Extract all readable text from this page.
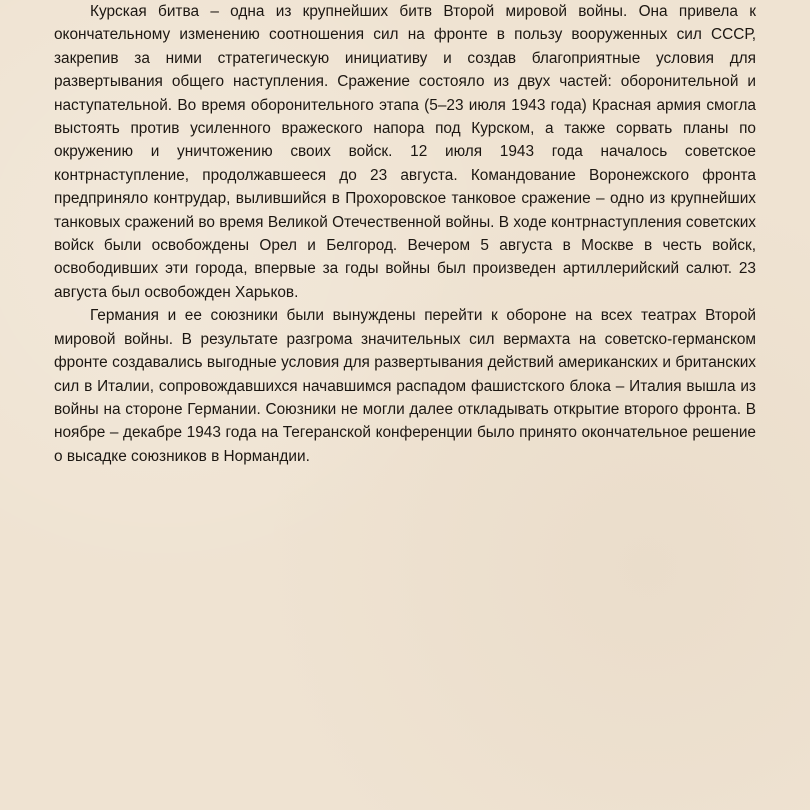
Курская битва – одна из крупнейших битв Второй мировой войны. Она привела к окончательному изменению соотношения сил на фронте в пользу вооруженных сил СССР, закрепив за ними стратегическую инициативу и создав благоприятные условия для развертывания общего наступления. Сражение состояло из двух частей: оборонительной и наступательной. Во время оборонительного этапа (5–23 июля 1943 года) Красная армия смогла выстоять против усиленного вражеского напора под Курском, а также сорвать планы по окружению и уничтожению своих войск. 12 июля 1943 года началось советское контрнаступление, продолжавшееся до 23 августа. Командование Воронежского фронта предприняло контрудар, вылившийся в Прохоровское танковое сражение – одно из крупнейших танковых сражений во время Великой Отечественной войны. В ходе контрнаступления советских войск были освобождены Орел и Белгород. Вечером 5 августа в Москве в честь войск, освободивших эти города, впервые за годы войны был произведен артиллерийский салют. 23 августа был освобожден Харьков.

Германия и ее союзники были вынуждены перейти к обороне на всех театрах Второй мировой войны. В результате разгрома значительных сил вермахта на советско-германском фронте создавались выгодные условия для развертывания действий американских и британских сил в Италии, сопровождавшихся начавшимся распадом фашистского блока – Италия вышла из войны на стороне Германии. Союзники не могли далее откладывать открытие второго фронта. В ноябре – декабре 1943 года на Тегеранской конференции было принято окончательное решение о высадке союзников в Нормандии.
